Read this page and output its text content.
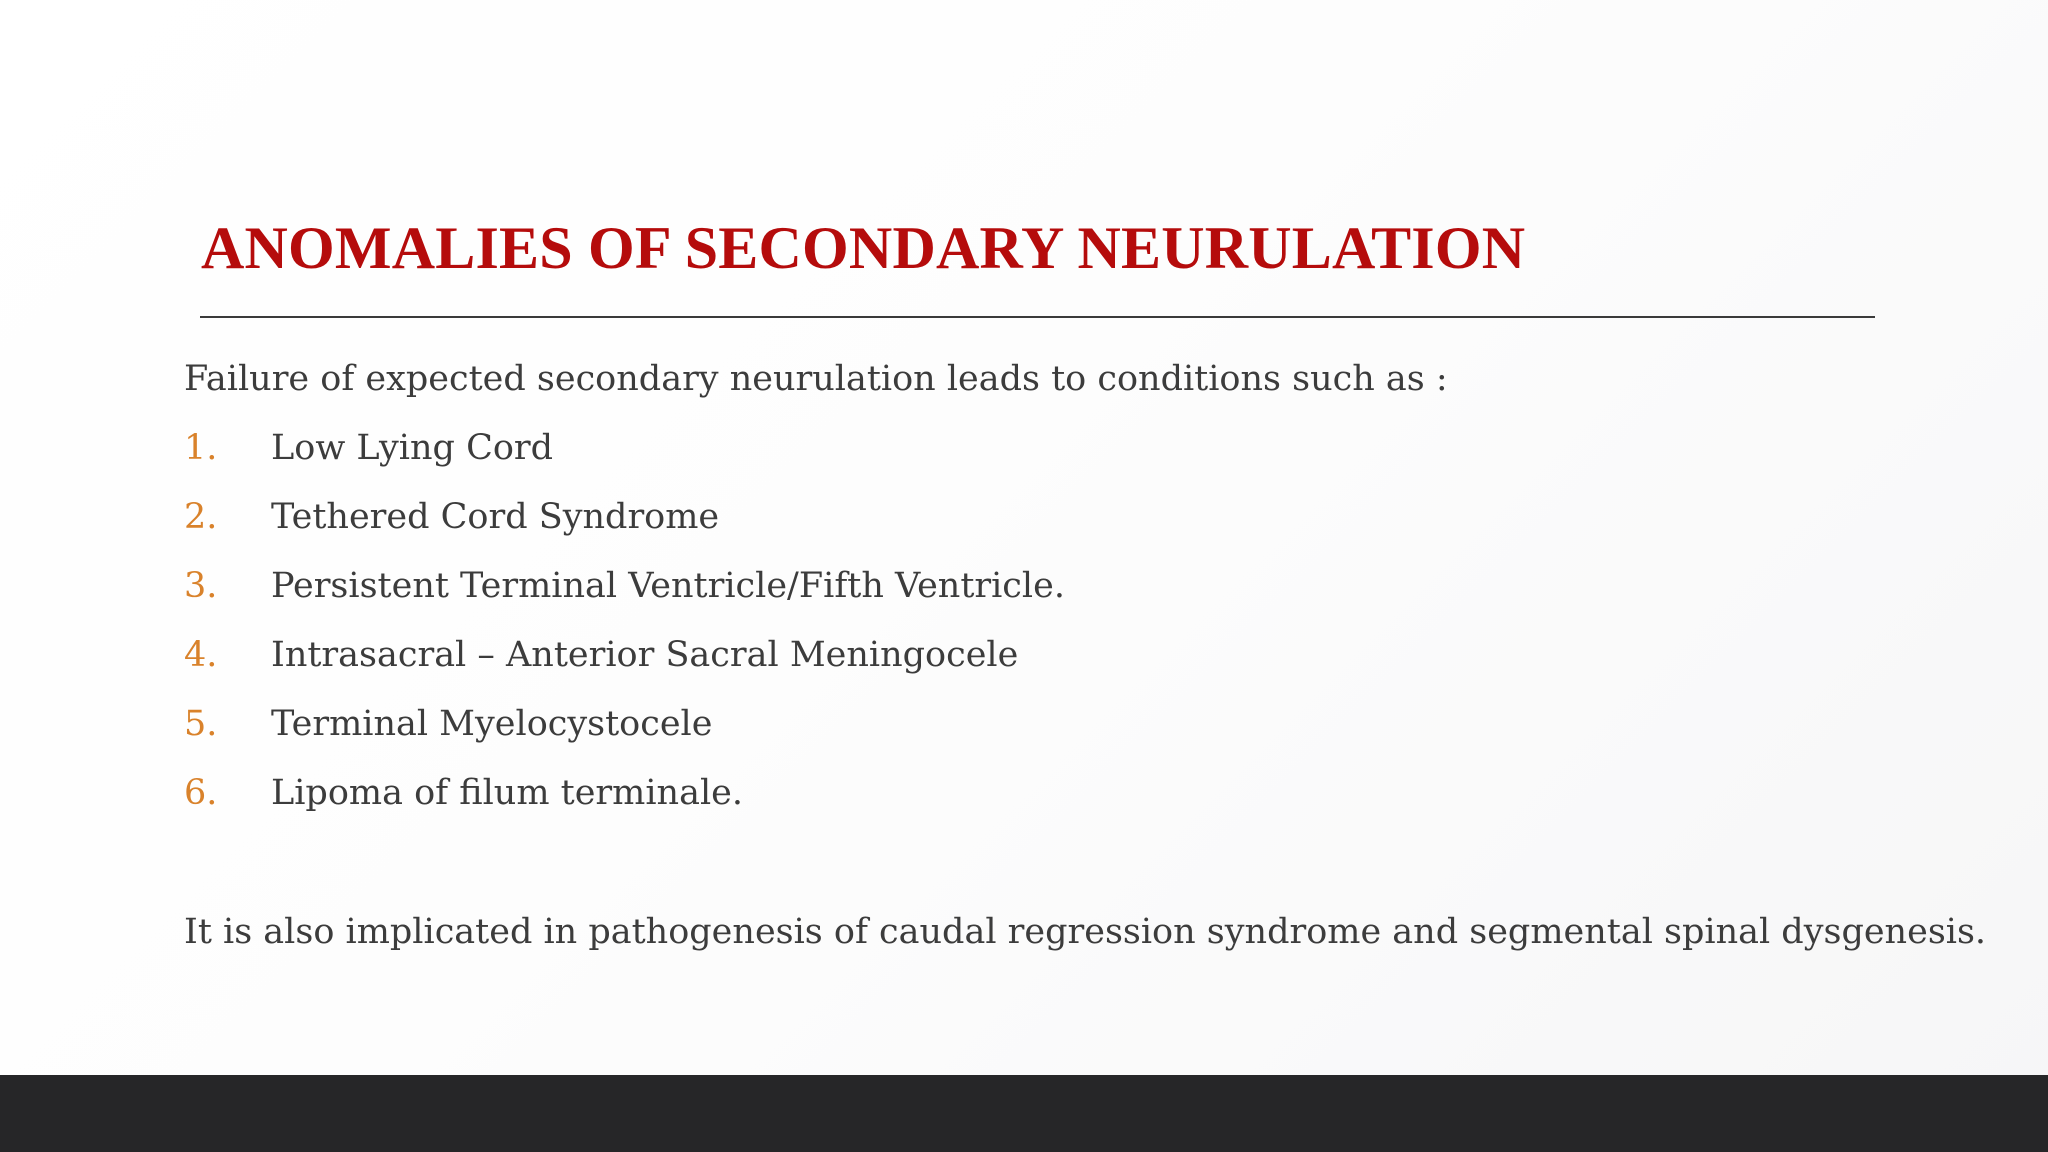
ANOMALIES OF SECONDARY NEURULATION

Failure of expected secondary neurulation leads to conditions such as :

1.	Low Lying Cord
2.	Tethered Cord Syndrome
3.	Persistent Terminal Ventricle/Fifth Ventricle.
4.	Intrasacral – Anterior Sacral Meningocele
5.	Terminal Myelocystocele
6.	Lipoma of filum terminale.

It is also implicated in pathogenesis of caudal regression syndrome and segmental spinal dysgenesis.
